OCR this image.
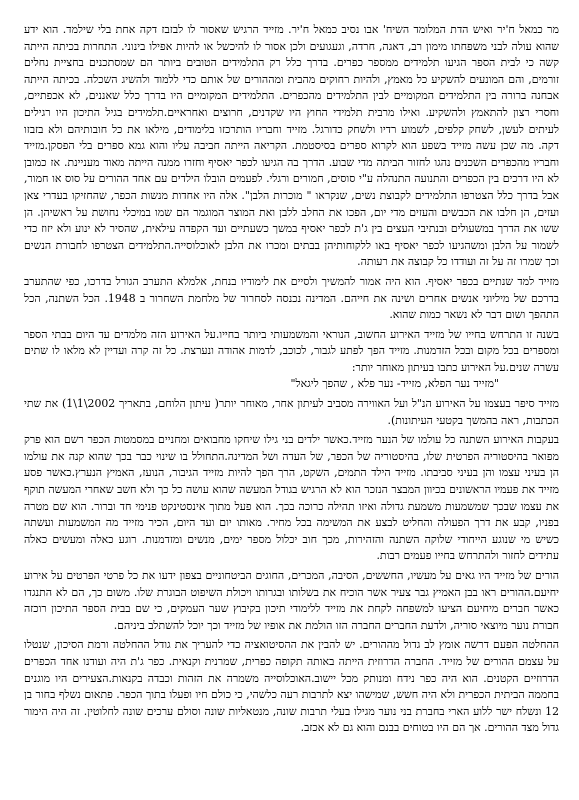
מר כמאל ח'יר ואיש הדת המלומד השיח' אבו נסיב כמאל ח'יר. מזייד הרגיש שאסור לו לבזבז דקה אחת בלי שילמד. הוא ידע שהוא עולה לבני משפחתו מימון רב, דאגה, חרדה, וגעגועים ולכן אסור לו להיכשל או להיות אפילו בינוני. התחרות בכיתה הייתה קשה כי לבית הספר הגיעו תלמידים ממספר כפרים. בדרך כלל רק התלמידים הטובים ביותר הם שמסתכנים בחציית נחלים זורמים, והם המונעים להשקיע כל מאמץ, ולהיות רחוקים מהבית ומההורים של אותם כדי ללמוד ולהשיג השכלה. בכיתה הייתה אבחנה ברורה בין התלמידים המקומיים לבין התלמידים מהכפרים. התלמידים המקומיים היו בדרך כלל שאננים, לא אכפתיים, וחסרי רצון להתאמץ ולהשקיע. ואילו מרבית תלמידי החוץ היו שקדנים, חרוצים ואחראיים.תלמידים בגיל התיכון היו רגילים לעיתים לעשן, לשחק קלפים, לשמוע רדיו ולשחק כדורגל. מזייד וחבריו הותרכזו בלימודים, מילאו את כל חובותיהם ולא בזבזו דקה. מה שכן עשה מזייד בשפע הוא לקרוא ספרים בסיסטמת. הקריאה הייתה חביבה עליו והוא גמא ספרים בלי הפסקן.מזייד וחבריו מהכפרים השכנים נהגו לחזור הביתה מדי שבוע. הדרך בה הגיעו לכפר יאסיף וחזרו ממנה הייתה מאוד מעניינת. אז כמובן לא היו דרכים בין הכפרים והתנועה התנהלה ע"י סוסים, חמורים ורגלי. לפעמים הובלו הילדים עם אחד ההורים על סוס או חמור, אבל בדרך כלל הצטרפו התלמידים לקבוצת נשים, שנקראו " מוכרות הלבן". אלה היו אחדות מנשות הכפר, שהחזיקו בעדרי צאן ועזים, הן חלבו את הכבשים והעזים מדי יום, הפכו את החלב ללבן ואת המוצר המוגמר הם שמו במיכלי נחושת על ראשיהן. הן ששו את הדרך במשעולים ובנתיבי העצים בין ג'ת לכפר יאסיף במשך כשעתיים ועד הקפדה עילאית, שהסיר לא ינוע ולא יזוז כדי לשמור על הלבן ומשהגיעו לכפר יאסיף באו ללקוחותיהן בבתים ומכרו את הלבן לאוכלוסייה.התלמידים הצטרפו לחבורת הנשים וכך שמרו זה על זה ועודדו כל קבוצה את רעותה.

מזייד למד שנתיים בכפר יאסיף. הוא היה אמור להמשיך ולסיים את לימודיו בנחת, אלמלא התערב הגורל בדרכו, כפי שהתערב בדרכם של מיליוני אנשים אחרים ושינה את חייהם. המדינה נכנסה לסחרור של מלחמת השחרור ב 1948. הכל השתנה, הכל התהפך ושום דבר לא נשאר כמות שהוא.

בשנה זו התרחש בחייו של מזייד האירוע החשוב, הנוראי והמשמעותי ביותר בחייו.על האירוע הזה מלמדים עד היום בבתי הספר ומספרים בכל מקום ובכל הזדמנות. מזייד הפך לפתע לגבור, לכוכב, לדמות אהודה ונערצת. כל זה קרה ועדיין לא מלאו לו שתים עשרה שנים.על האירוע כתבו בעיתון מאוחר יותר:

"מזייד נער הפלא, מזייד- נער פלא , שהפך ליגאל"

מזייד סיפר בעצמו על האירוע הנ"ל ועל האווירה מסביב לעיתון אחר, מאוחר יותר( עיתון הלוחם, בתאריך 2002\1\1) את שתי הכתבות, ראה בהמשך בקטעי העיתונות).

בעקבות האירוע השתנה כל עולמו של הנער מזייד.כאשר ילדים בני גילו שיחקו מחבואים ומחניים במסמטות הכפר רשם הוא פרק מפואר בהיסטוריה הפרטית שלו, בהיסטוריה של הכפר, של העדה ושל המדינה.התחולל בו שינוי כבר בכך שהוא קנה את עולמו הן בעיני עצמו והן בעיני סביבתו. מזייד הילד התמים, השקט, הרך הפך להיות מזייד הגיבור, הנועז, האמיץ הנערץ.כאשר פסע מזייד את פעמיו הראשונים בכיוון המבצר הנזכר הוא לא הרגיש בגודל המעשה שהוא עושה כל כך ולא חשב שאחרי המעשה תוקף את עצמו שבכך שמשמעות משמעת גדולה ואיזו תהילה כרוכה בכך. הוא פעל מתוך אינסטינקט פנימי חד וברור. הוא שם מטרה בפניו, קבע את דרך הפעולה והחליט לבצע את המשימה בכל מחיר. מאותו יום ועד היום, הכיר מזייד מה המשמעות ועשתה כשיש מי שנוגע הייחודי שלוקה השתנה והזהירות, מכך חוב יכלול מספר ימים, מנשים ומזדמנות. רוגע כאלה ומעשים כאלה עתידים לחזור ולהתרחש בחייו פעמים רבות.

הורים של מזייד היו גאים על מעשיו, החששים, הסיבה, המכרים, החוגים הביטחוניים בצפון ידעו את כל פרטי הפרטים על אירוע יחיעם.ההורים ראו בבן האמיץ גבר צעיר אשר הוכיח את בשלותו ובגרותו ויכולת השיפוט הבוגרת שלו. משום כך, הם לא התנגדו כאשר חברים מיחיעם הציעו למשפחה לקחת את מזייד ללימודי תיכון בקיבוץ שער העמקים, כי שם בבית הספר התיכון רוכזה חבורת נוער מיוצאי סוריה, ולדעת החברים החברה הזו הולמת את אופיו של מזייד וכך יוכל להשתלב ביניהם.

ההחלטה הפעם דרשה אומץ לב גדול מההורים. יש להבין את ההסיטואציה כדי להעריך את גודל ההחלטה ורמת הסיכון, שנטלו על עצמם ההורים של מזייד. החברה הדרוזית הייתה באותה תקופה כפרית, שמרנית וקנאית. כפר ג'ת היה ועודנו אחד הכפרים הדרוזיים הקטנים. הוא היה כפר נידח ומנותק מכל יישוב.האוכלוסייה משמרה את הזהות וכבדה בקנאות.הצעירים היו מוגנים בחממה הביתית הכפרית ולא היה חשש, שמישהו יצא לתרבות רעה כלשהי, כי כולם חיו ופעלו בתוך הכפר. פתאום נשלף בחור בן 12 ונשלח ישר ללוע הארי בחברת בני נוער מגילו בעלי תרבות שונה, מנטאליות שונה וסולם ערכים שונה לחלוטין. זה היה הימור גדול מצד ההורים. אך הם היו בטוחים בבנם והוא גם לא אכזב.
